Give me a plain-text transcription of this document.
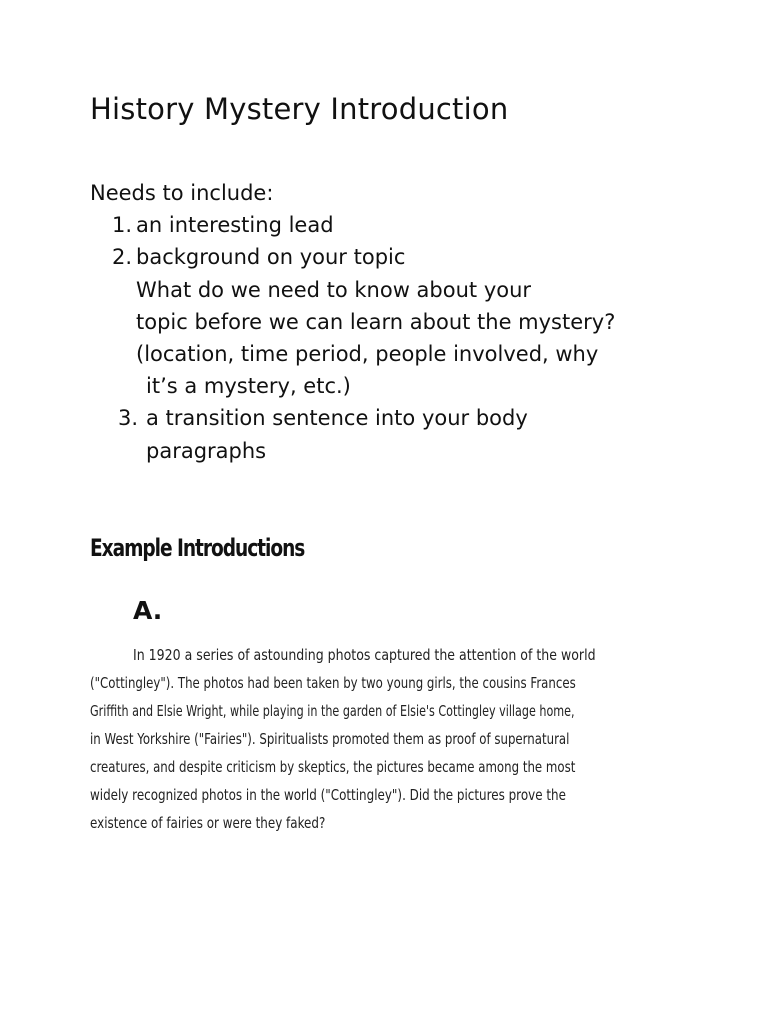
History Mystery Introduction

Needs to include:

1. an interesting lead
2. background on your topic
What do we need to know about your
topic before we can learn about the mystery?
(location, time period, people involved, why
it’s a mystery, etc.)
3. a transition sentence into your body
paragraphs
Example Introductions
A.
In 1920 a series of astounding photos captured the attention of the world
("Cottingley"). The photos had been taken by two young girls, the cousins Frances
Griffith and Elsie Wright, while playing in the garden of Elsie's Cottingley village home,
in West Yorkshire ("Fairies"). Spiritualists promoted them as proof of supernatural
creatures, and despite criticism by skeptics, the pictures became among the most
widely recognized photos in the world ("Cottingley"). Did the pictures prove the
existence of fairies or were they faked?
